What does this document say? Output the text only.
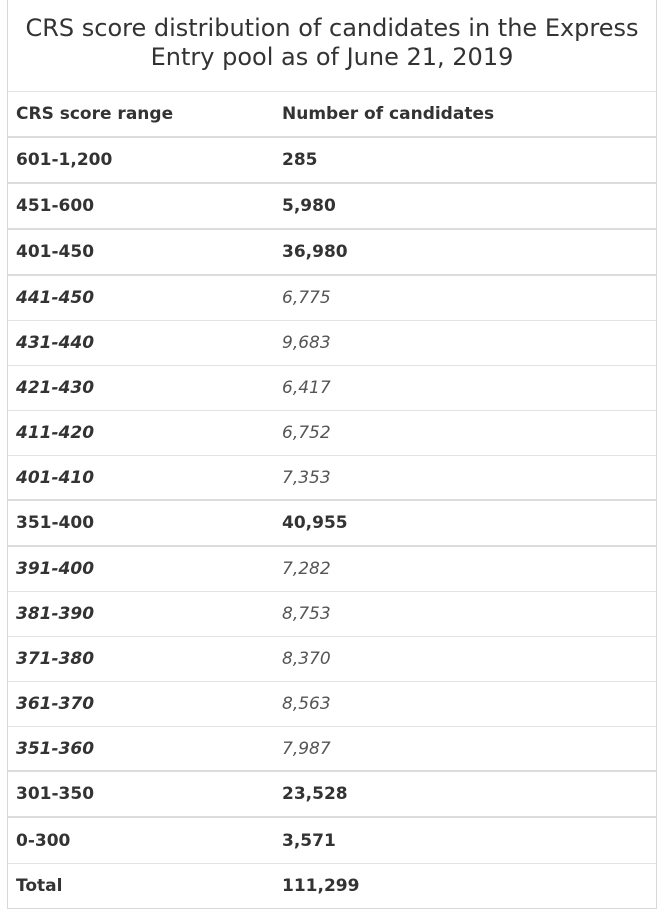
CRS score distribution of candidates in the Express Entry pool as of June 21, 2019
CRS score range	Number of candidates
601-1,200	285
451-600	5,980
401-450	36,980
441-450	6,775
431-440	9,683
421-430	6,417
411-420	6,752
401-410	7,353
351-400	40,955
391-400	7,282
381-390	8,753
371-380	8,370
361-370	8,563
351-360	7,987
301-350	23,528
0-300	3,571
Total	111,299
